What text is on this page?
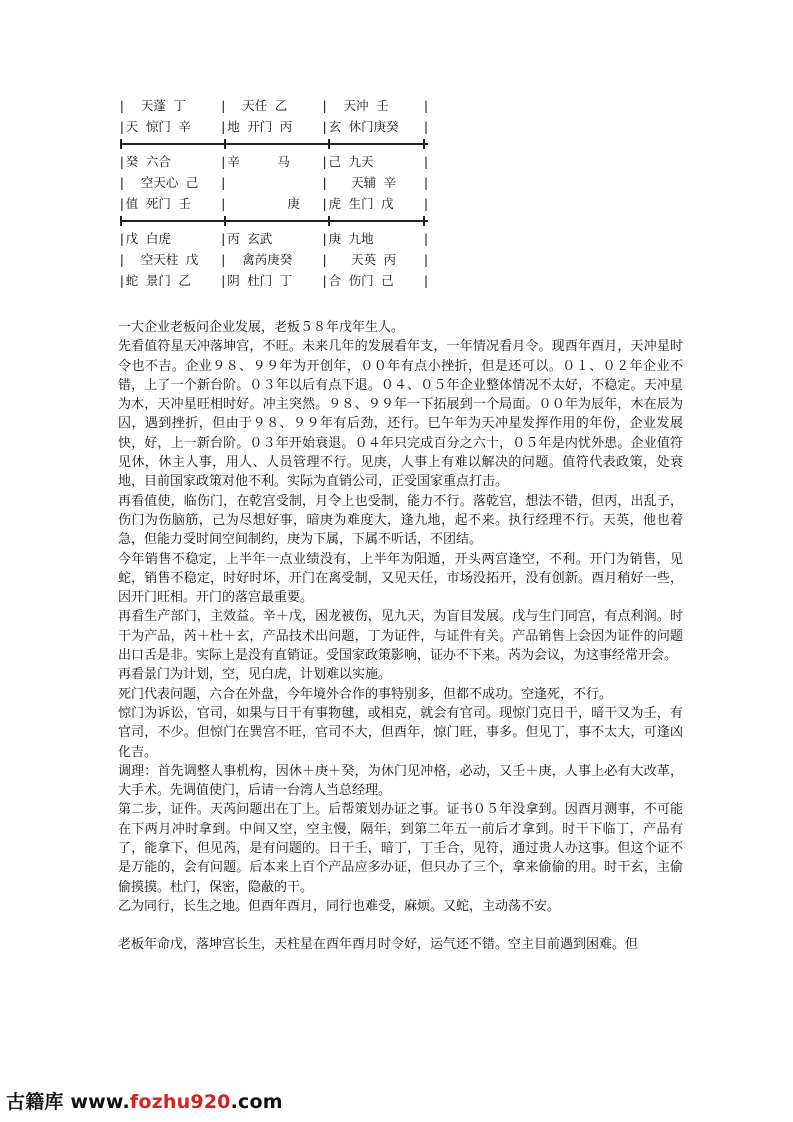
| 天蓬 丁	| 天任 乙	| 天冲 壬	|
| 天 惊门 辛	| 地 开门 丙	| 玄 休门庚癸	|
| 癸 六合	| 辛     马	| 己 九天	|
| 空天心 己	|	| 天辅 辛	|
| 值 死门 壬	| 庚	| 虎 生门 戊	|
| 戊 白虎	| 丙 玄武	| 庚 九地	|
| 空天柱 戊	| 禽芮庚癸	| 天英 丙	|
| 蛇 景门 乙	| 阴 杜门 丁	| 合 伤门 己	|

一大企业老板问企业发展，老板５８年戊年生人。

先看值符星天冲落坤宫，不旺。未来几年的发展看年支，一年情况看月令。现酉年酉月，天冲星时令也不吉。企业９８、９９年为开创年，００年有点小挫折，但是还可以。０１、０２年企业不错，上了一个新台阶。０３年以后有点下退。０４、０５年企业整体情况不太好，不稳定。天冲星为木，天冲星旺相时好。冲主突然。９８、９９年一下拓展到一个局面。００年为辰年，木在辰为囚，遇到挫折，但由于９８、９９年有后劲，还行。巳午年为天冲星发挥作用的年份，企业发展快，好，上一新台阶。０３年开始衰退。０４年只完成百分之六十，０５年是内忧外患。企业值符见休，休主人事，用人、人员管理不行。见庚，人事上有难以解决的问题。值符代表政策，处衰地，目前国家政策对他不利。实际为直销公司，正受国家重点打击。

再看值使，临伤门，在乾宫受制，月令上也受制，能力不行。落乾宫，想法不错，但丙，出乱子，伤门为伤脑筋，己为尽想好事，暗庚为难度大，逢九地，起不来。执行经理不行。天英，他也着急，但能力受时间空间制约，庚为下属，下属不听话，不团结。

今年销售不稳定，上半年一点业绩没有，上半年为阳遁，开头两宫逢空，不利。开门为销售，见蛇，销售不稳定，时好时坏，开门在离受制，又见天任，市场没拓开，没有创新。酉月稍好一些，因开门旺相。开门的落宫最重要。

再看生产部门，主效益。辛＋戊，困龙被伤，见九天，为盲目发展。戊与生门同宫，有点利润。时干为产品，芮＋杜＋玄，产品技术出问题，丁为证件，与证件有关。产品销售上会因为证件的问题出口舌是非。实际上是没有直销证。受国家政策影响，证办不下来。芮为会议，为这事经常开会。

再看景门为计划，空，见白虎，计划难以实施。

死门代表问题，六合在外盘，今年境外合作的事特别多，但都不成功。空逢死，不行。

惊门为诉讼，官司，如果与日干有事物毽，或相克，就会有官司。现惊门克日干，暗干又为壬，有官司，不少。但惊门在巽宫不旺，官司不大，但酉年，惊门旺，事多。但见丁，事不太大，可逢凶化吉。

调理：首先调整人事机构，因休＋庚＋癸，为休门见冲格，必动，又壬＋庚，人事上必有大改革，大手术。先调值使门，后请一台湾人当总经理。

第二步，证件。天芮问题出在丁上。后帮策划办证之事。证书０５年没拿到。因酉月测事，不可能在下两月冲时拿到。中间又空，空主慢，隔年，到第二年五一前后才拿到。时干下临丁，产品有了，能拿下，但见芮，是有问题的。日干壬，暗丁，丁壬合，见符，通过贵人办这事。但这个证不是万能的，会有问题。后本来上百个产品应多办证，但只办了三个，拿来偷偷的用。时干玄，主偷偷摸摸。杜门，保密，隐蔽的干。

乙为同行，长生之地。但酉年酉月，同行也难受，麻烦。又蛇，主动荡不安。

老板年命戊，落坤宫长生，天柱星在酉年酉月时令好，运气还不错。空主目前遇到困难。但

古籍库 www.fozhu920.com
